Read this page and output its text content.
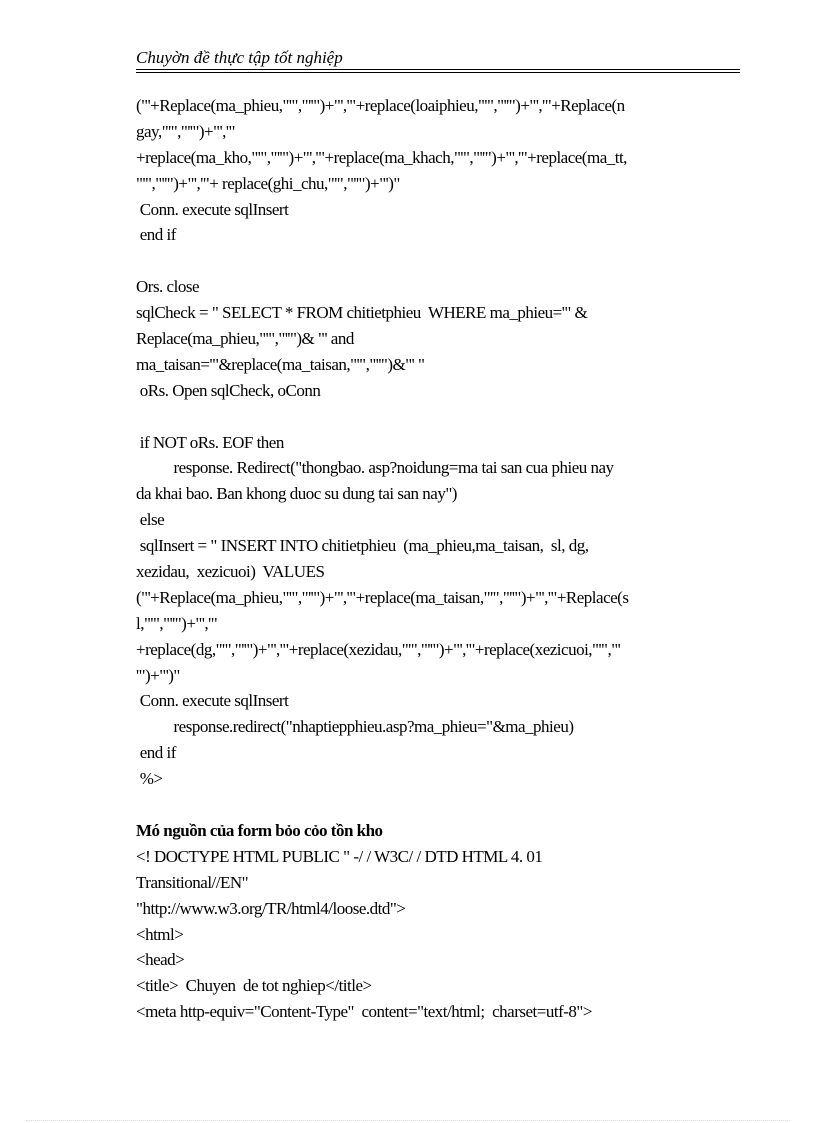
Chuyờn đề thực tập tốt nghiệp
("'+Replace(ma_phieu,"'","''")+"','"+replace(loaiphieu,"'","''")+"','"+Replace(n
gay,"'","''")+"','"
+replace(ma_kho,"'","''")+"','"+replace(ma_khach,"'","''")+"','"+replace(ma_tt,
"'","''")+"','"+ replace(ghi_chu,"'","''")+"')"
Conn. execute sqlInsert
end if
Ors. close
sqlCheck = " SELECT * FROM chitietphieu  WHERE ma_phieu='" &
Replace(ma_phieu,"'","''")& "' and
ma_taisan='"&replace(ma_taisan,"'","''")&"' "
oRs. Open sqlCheck, oConn
if NOT oRs. EOF then
response. Redirect("thongbao. asp?noidung=ma tai san cua phieu nay
da khai bao. Ban khong duoc su dung tai san nay")
else
sqlInsert = " INSERT INTO chitietphieu  (ma_phieu,ma_taisan,  sl, dg,
xezidau,  xezicuoi)  VALUES
("'+Replace(ma_phieu,"'","''")+"','"+replace(ma_taisan,"'","''")+"','"+Replace(s
l,"'","''")+"','"
+replace(dg,"'","''")+"','"+replace(xezidau,"'","''")+"','"+replace(xezicuoi,"'","'
'")+"')"
Conn. execute sqlInsert
response.redirect("nhaptiepphieu.asp?ma_phieu="&ma_phieu)
end if
%>
Mó nguồn của form bỏo cỏo tồn kho
<! DOCTYPE HTML PUBLIC " -/ / W3C/ / DTD HTML 4. 01
Transitional//EN"
"http://www.w3.org/TR/html4/loose.dtd">
<html>
<head>
<title>  Chuyen  de tot nghiep</title>
<meta http-equiv="Content-Type"  content="text/html;  charset=utf-8">
